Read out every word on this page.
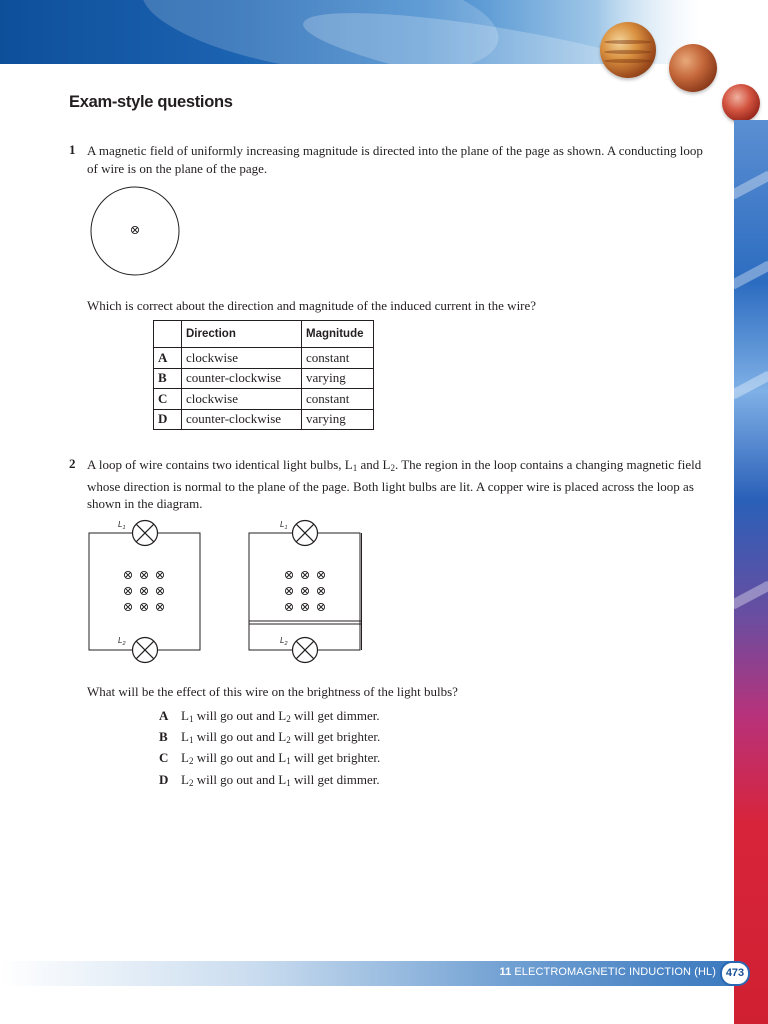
Exam-style questions
1 A magnetic field of uniformly increasing magnitude is directed into the plane of the page as shown. A conducting loop of wire is on the plane of the page.

Which is correct about the direction and magnitude of the induced current in the wire?

	Direction	Magnitude
A	clockwise	constant
B	counter-clockwise	varying
C	clockwise	constant
D	counter-clockwise	varying
2 A loop of wire contains two identical light bulbs, $L_1$ and $L_2$. The region in the loop contains a changing magnetic field whose direction is normal to the plane of the page. Both light bulbs are lit. A copper wire is placed across the loop as shown in the diagram.

$L_1$
$L_2$
$L_1$
$L_2$

What will be the effect of this wire on the brightness of the light bulbs?

A $L_1$ will go out and $L_2$ will get dimmer.
B $L_1$ will go out and $L_2$ will get brighter.
C $L_2$ will go out and $L_1$ will get brighter.
D $L_2$ will go out and $L_1$ will get dimmer.
11 ELECTROMAGNETIC INDUCTION (HL) 473
